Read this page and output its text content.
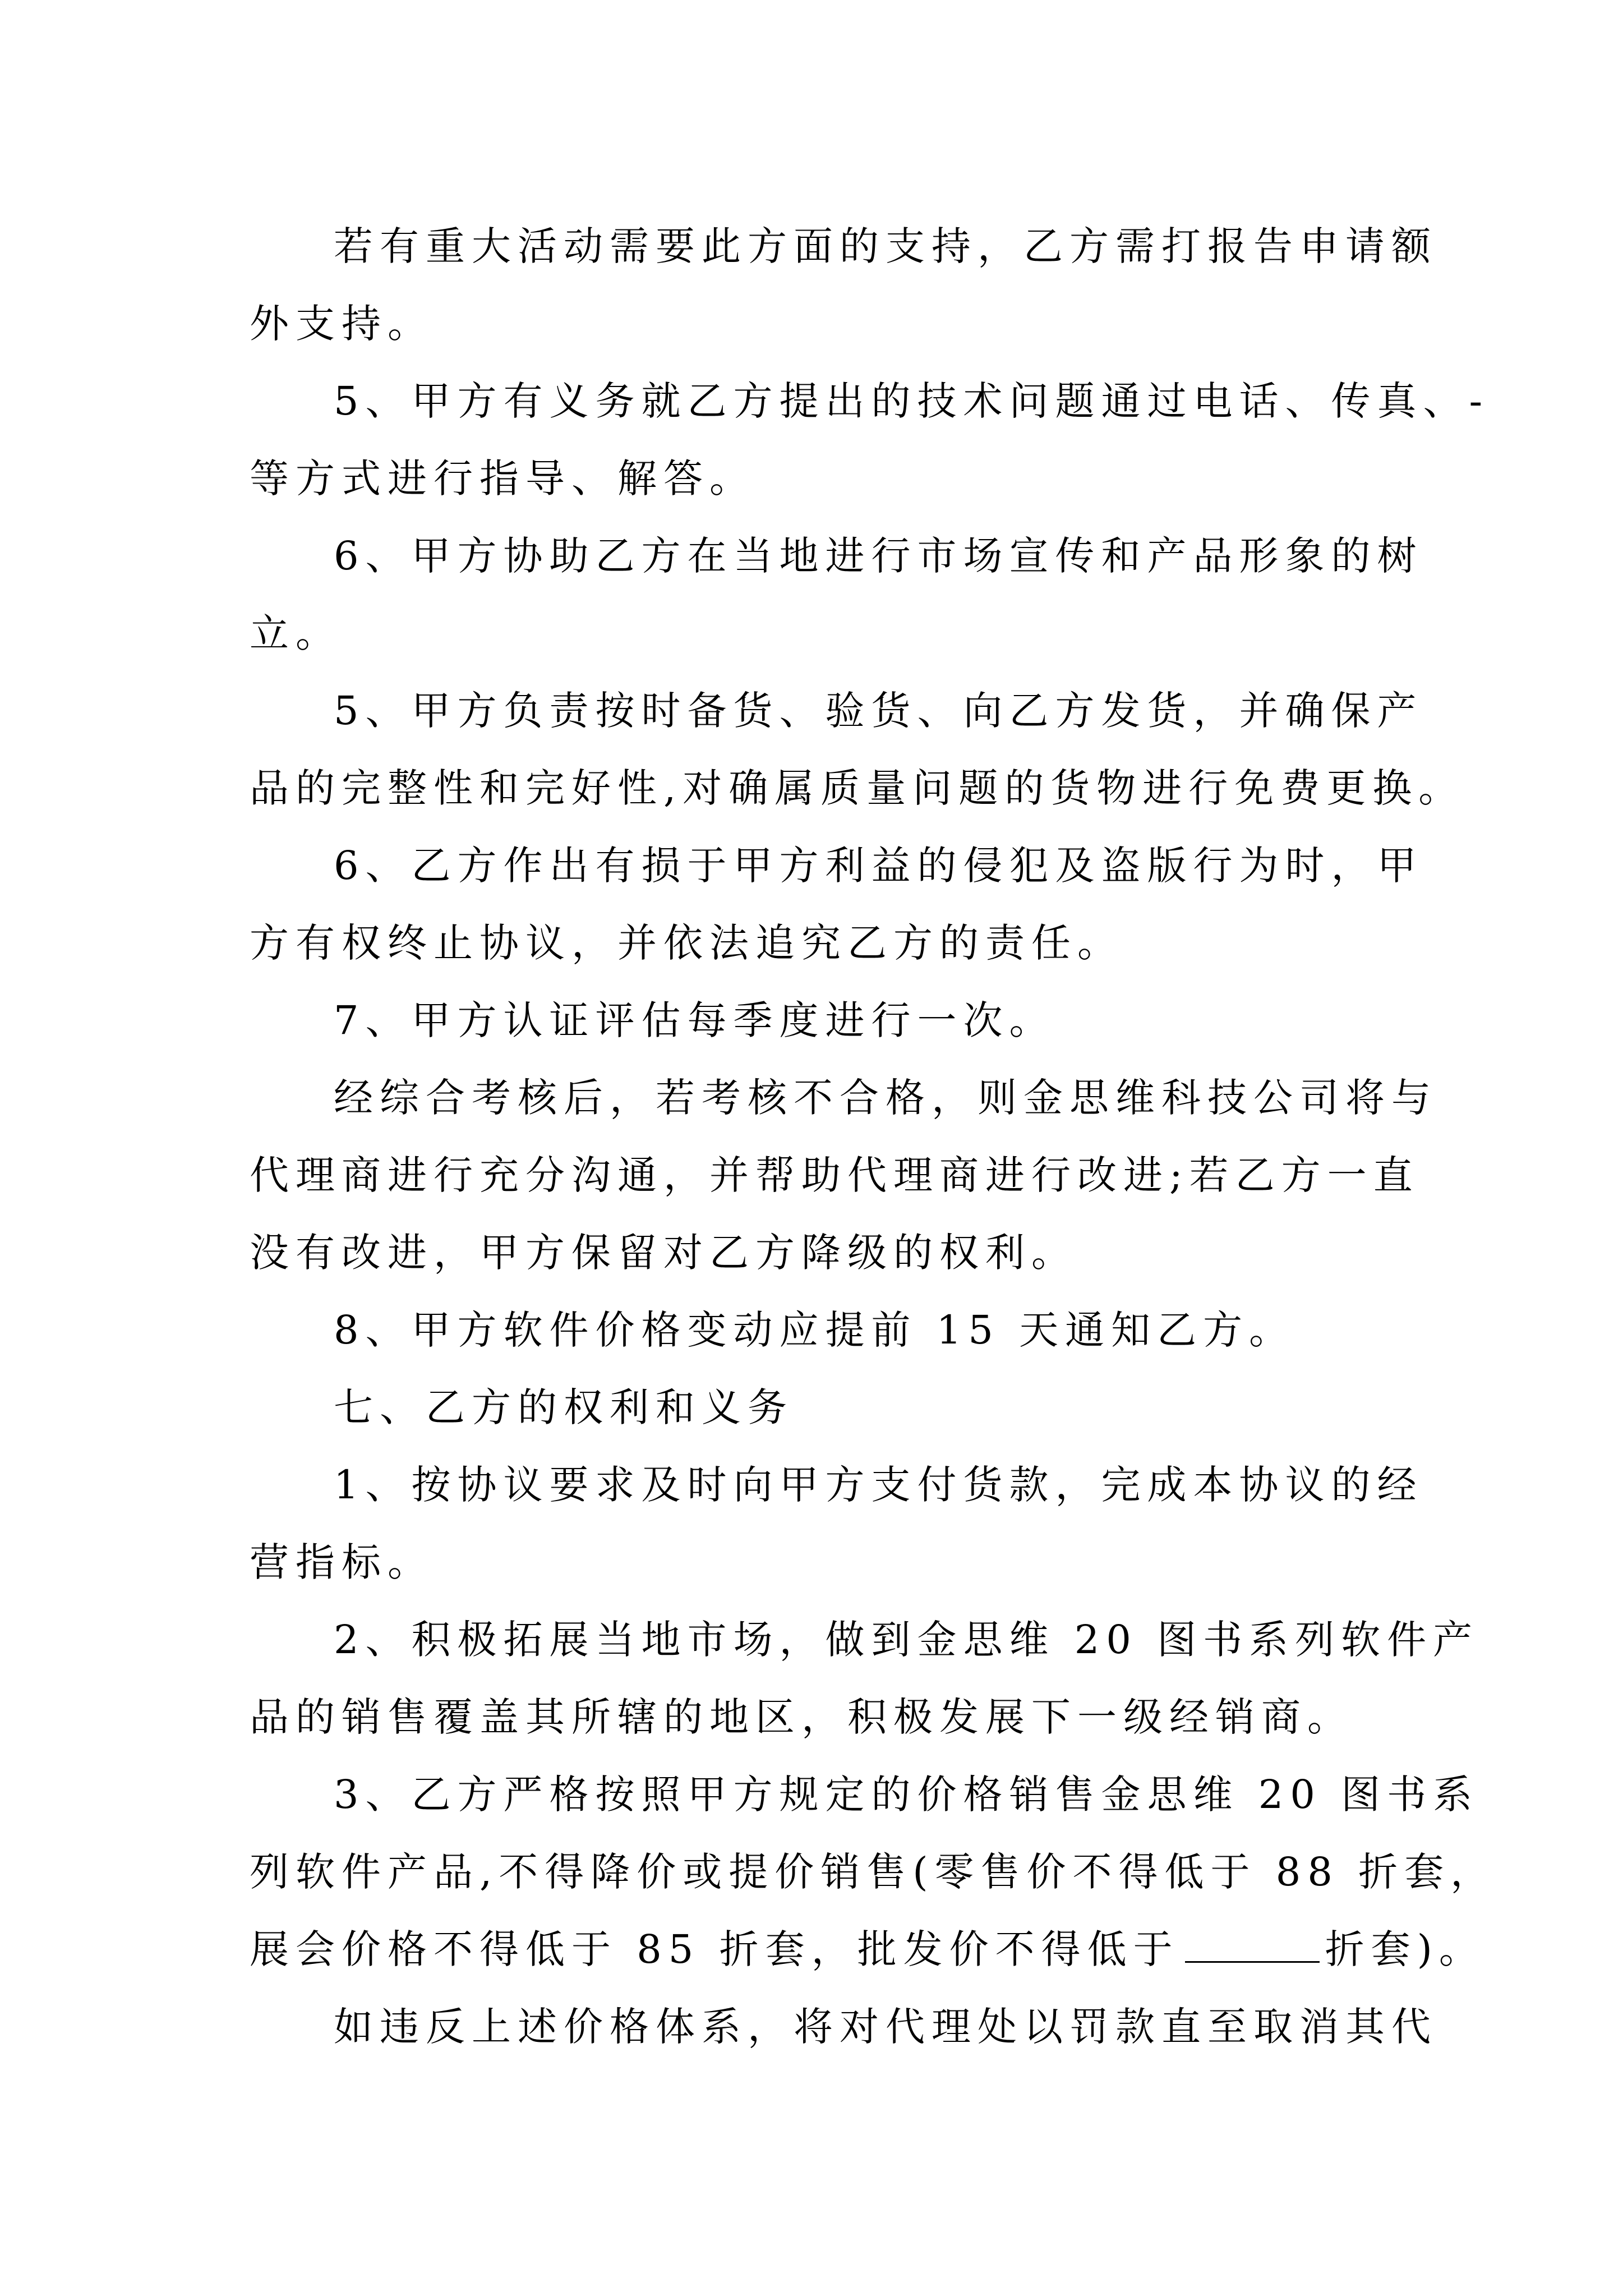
若有重大活动需要此方面的支持，乙方需打报告申请额
外支持。
5、甲方有义务就乙方提出的技术问题通过电话、传真、-
等方式进行指导、解答。
6、甲方协助乙方在当地进行市场宣传和产品形象的树
立。
5、甲方负责按时备货、验货、向乙方发货，并确保产
品的完整性和完好性,对确属质量问题的货物进行免费更换。
6、乙方作出有损于甲方利益的侵犯及盗版行为时，甲
方有权终止协议，并依法追究乙方的责任。
7、甲方认证评估每季度进行一次。
经综合考核后，若考核不合格，则金思维科技公司将与
代理商进行充分沟通，并帮助代理商进行改进;若乙方一直
没有改进，甲方保留对乙方降级的权利。
8、甲方软件价格变动应提前 15 天通知乙方。
七、乙方的权利和义务
1、按协议要求及时向甲方支付货款，完成本协议的经
营指标。
2、积极拓展当地市场，做到金思维 20 图书系列软件产
品的销售覆盖其所辖的地区，积极发展下一级经销商。
3、乙方严格按照甲方规定的价格销售金思维 20 图书系
列软件产品,不得降价或提价销售(零售价不得低于 88 折套，
展会价格不得低于 85 折套，批发价不得低于	折套)。
如违反上述价格体系，将对代理处以罚款直至取消其代
